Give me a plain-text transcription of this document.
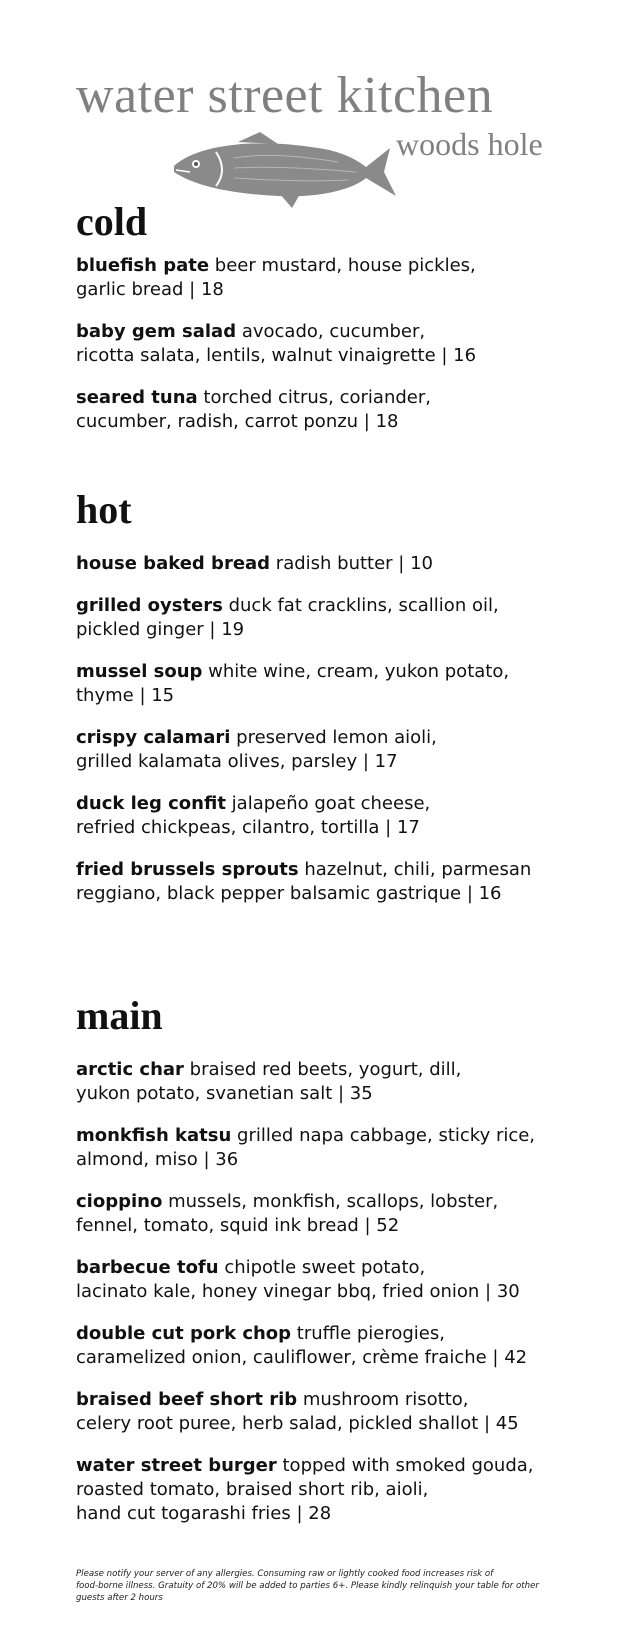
water street kitchen
woods hole
cold
bluefish pate beer mustard, house pickles,
garlic bread | 18
baby gem salad avocado, cucumber,
ricotta salata, lentils, walnut vinaigrette | 16
seared tuna torched citrus, coriander,
cucumber, radish, carrot ponzu | 18
hot
house baked bread radish butter | 10
grilled oysters duck fat cracklins, scallion oil,
pickled ginger | 19
mussel soup white wine, cream, yukon potato,
thyme | 15
crispy calamari preserved lemon aioli,
grilled kalamata olives, parsley | 17
duck leg confit jalapeño goat cheese,
refried chickpeas, cilantro, tortilla | 17
fried brussels sprouts hazelnut, chili, parmesan
reggiano, black pepper balsamic gastrique | 16
main
arctic char braised red beets, yogurt, dill,
yukon potato, svanetian salt | 35
monkfish katsu grilled napa cabbage, sticky rice,
almond, miso | 36
cioppino mussels, monkfish, scallops, lobster,
fennel, tomato, squid ink bread | 52
barbecue tofu chipotle sweet potato,
lacinato kale, honey vinegar bbq, fried onion | 30
double cut pork chop truffle pierogies,
caramelized onion, cauliflower, crème fraiche | 42
braised beef short rib mushroom risotto,
celery root puree, herb salad, pickled shallot | 45
water street burger topped with smoked gouda,
roasted tomato, braised short rib, aioli,
hand cut togarashi fries | 28
Please notify your server of any allergies. Consuming raw or lightly cooked food increases risk of
food-borne illness. Gratuity of 20% will be added to parties 6+. Please kindly relinquish your table for other
guests after 2 hours
